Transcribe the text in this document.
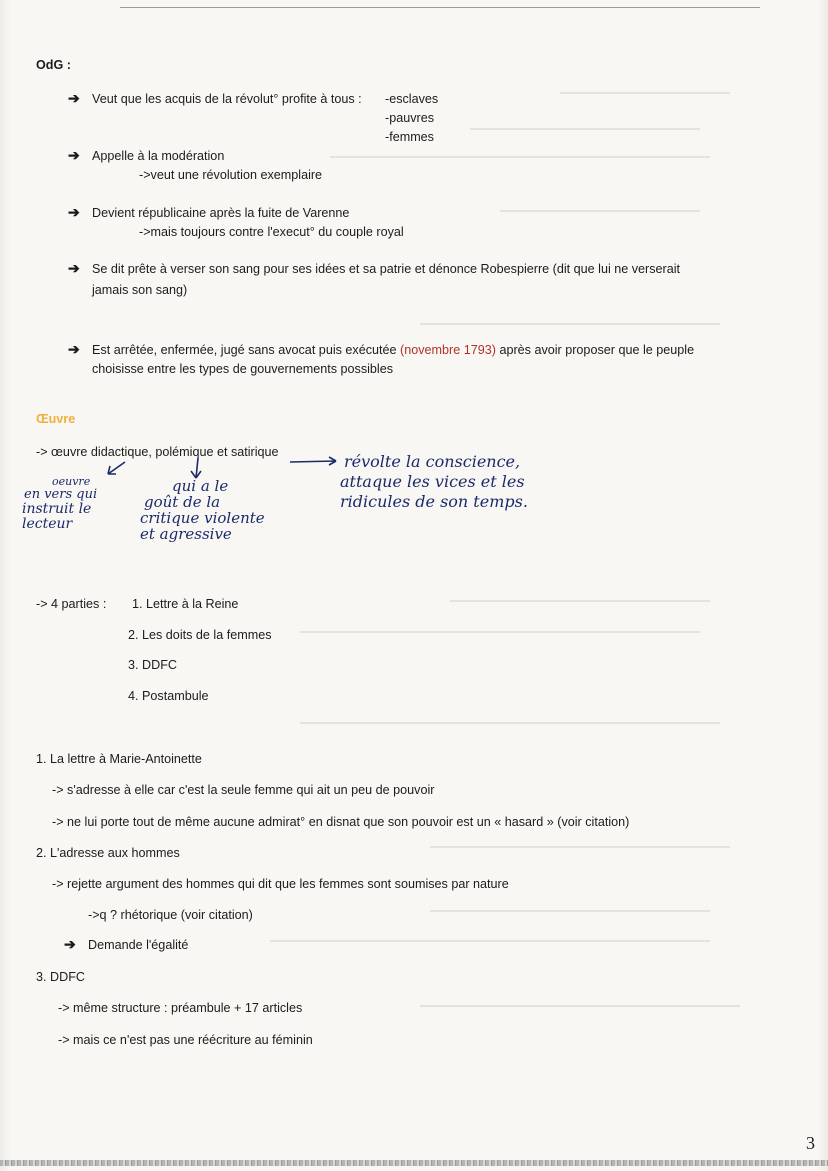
OdG :
➔ Veut que les acquis de la révolut° profite à tous : -esclaves
-pauvres
-femmes
➔ Appelle à la modération
->veut une révolution exemplaire
➔ Devient républicaine après la fuite de Varenne
->mais toujours contre l'execut° du couple royal
➔ Se dit prête à verser son sang pour ses idées et sa patrie et dénonce Robespierre (dit que lui ne verserait
jamais son sang)
➔ Est arrêtée, enfermée, jugé sans avocat puis exécutée (novembre 1793) après avoir proposer que le peuple
choisisse entre les types de gouvernements possibles
Œuvre
-> œuvre didactique, polémique et satirique
oeuvre
en vers qui
instruit le
lecteur
qui a le
goût de la
critique violente
et agressive
révolte la conscience,
attaque les vices et les
ridicules de son temps.
-> 4 parties : 1. Lettre à la Reine
2. Les doits de la femmes
3. DDFC
4. Postambule
1. La lettre à Marie-Antoinette
-> s'adresse à elle car c'est la seule femme qui ait un peu de pouvoir
-> ne lui porte tout de même aucune admirat° en disnat que son pouvoir est un « hasard » (voir citation)
2. L'adresse aux hommes
-> rejette argument des hommes qui dit que les femmes sont soumises par nature
->q ? rhétorique (voir citation)
➔ Demande l'égalité
3. DDFC
-> même structure : préambule + 17 articles
-> mais ce n'est pas une réécriture au féminin
3
